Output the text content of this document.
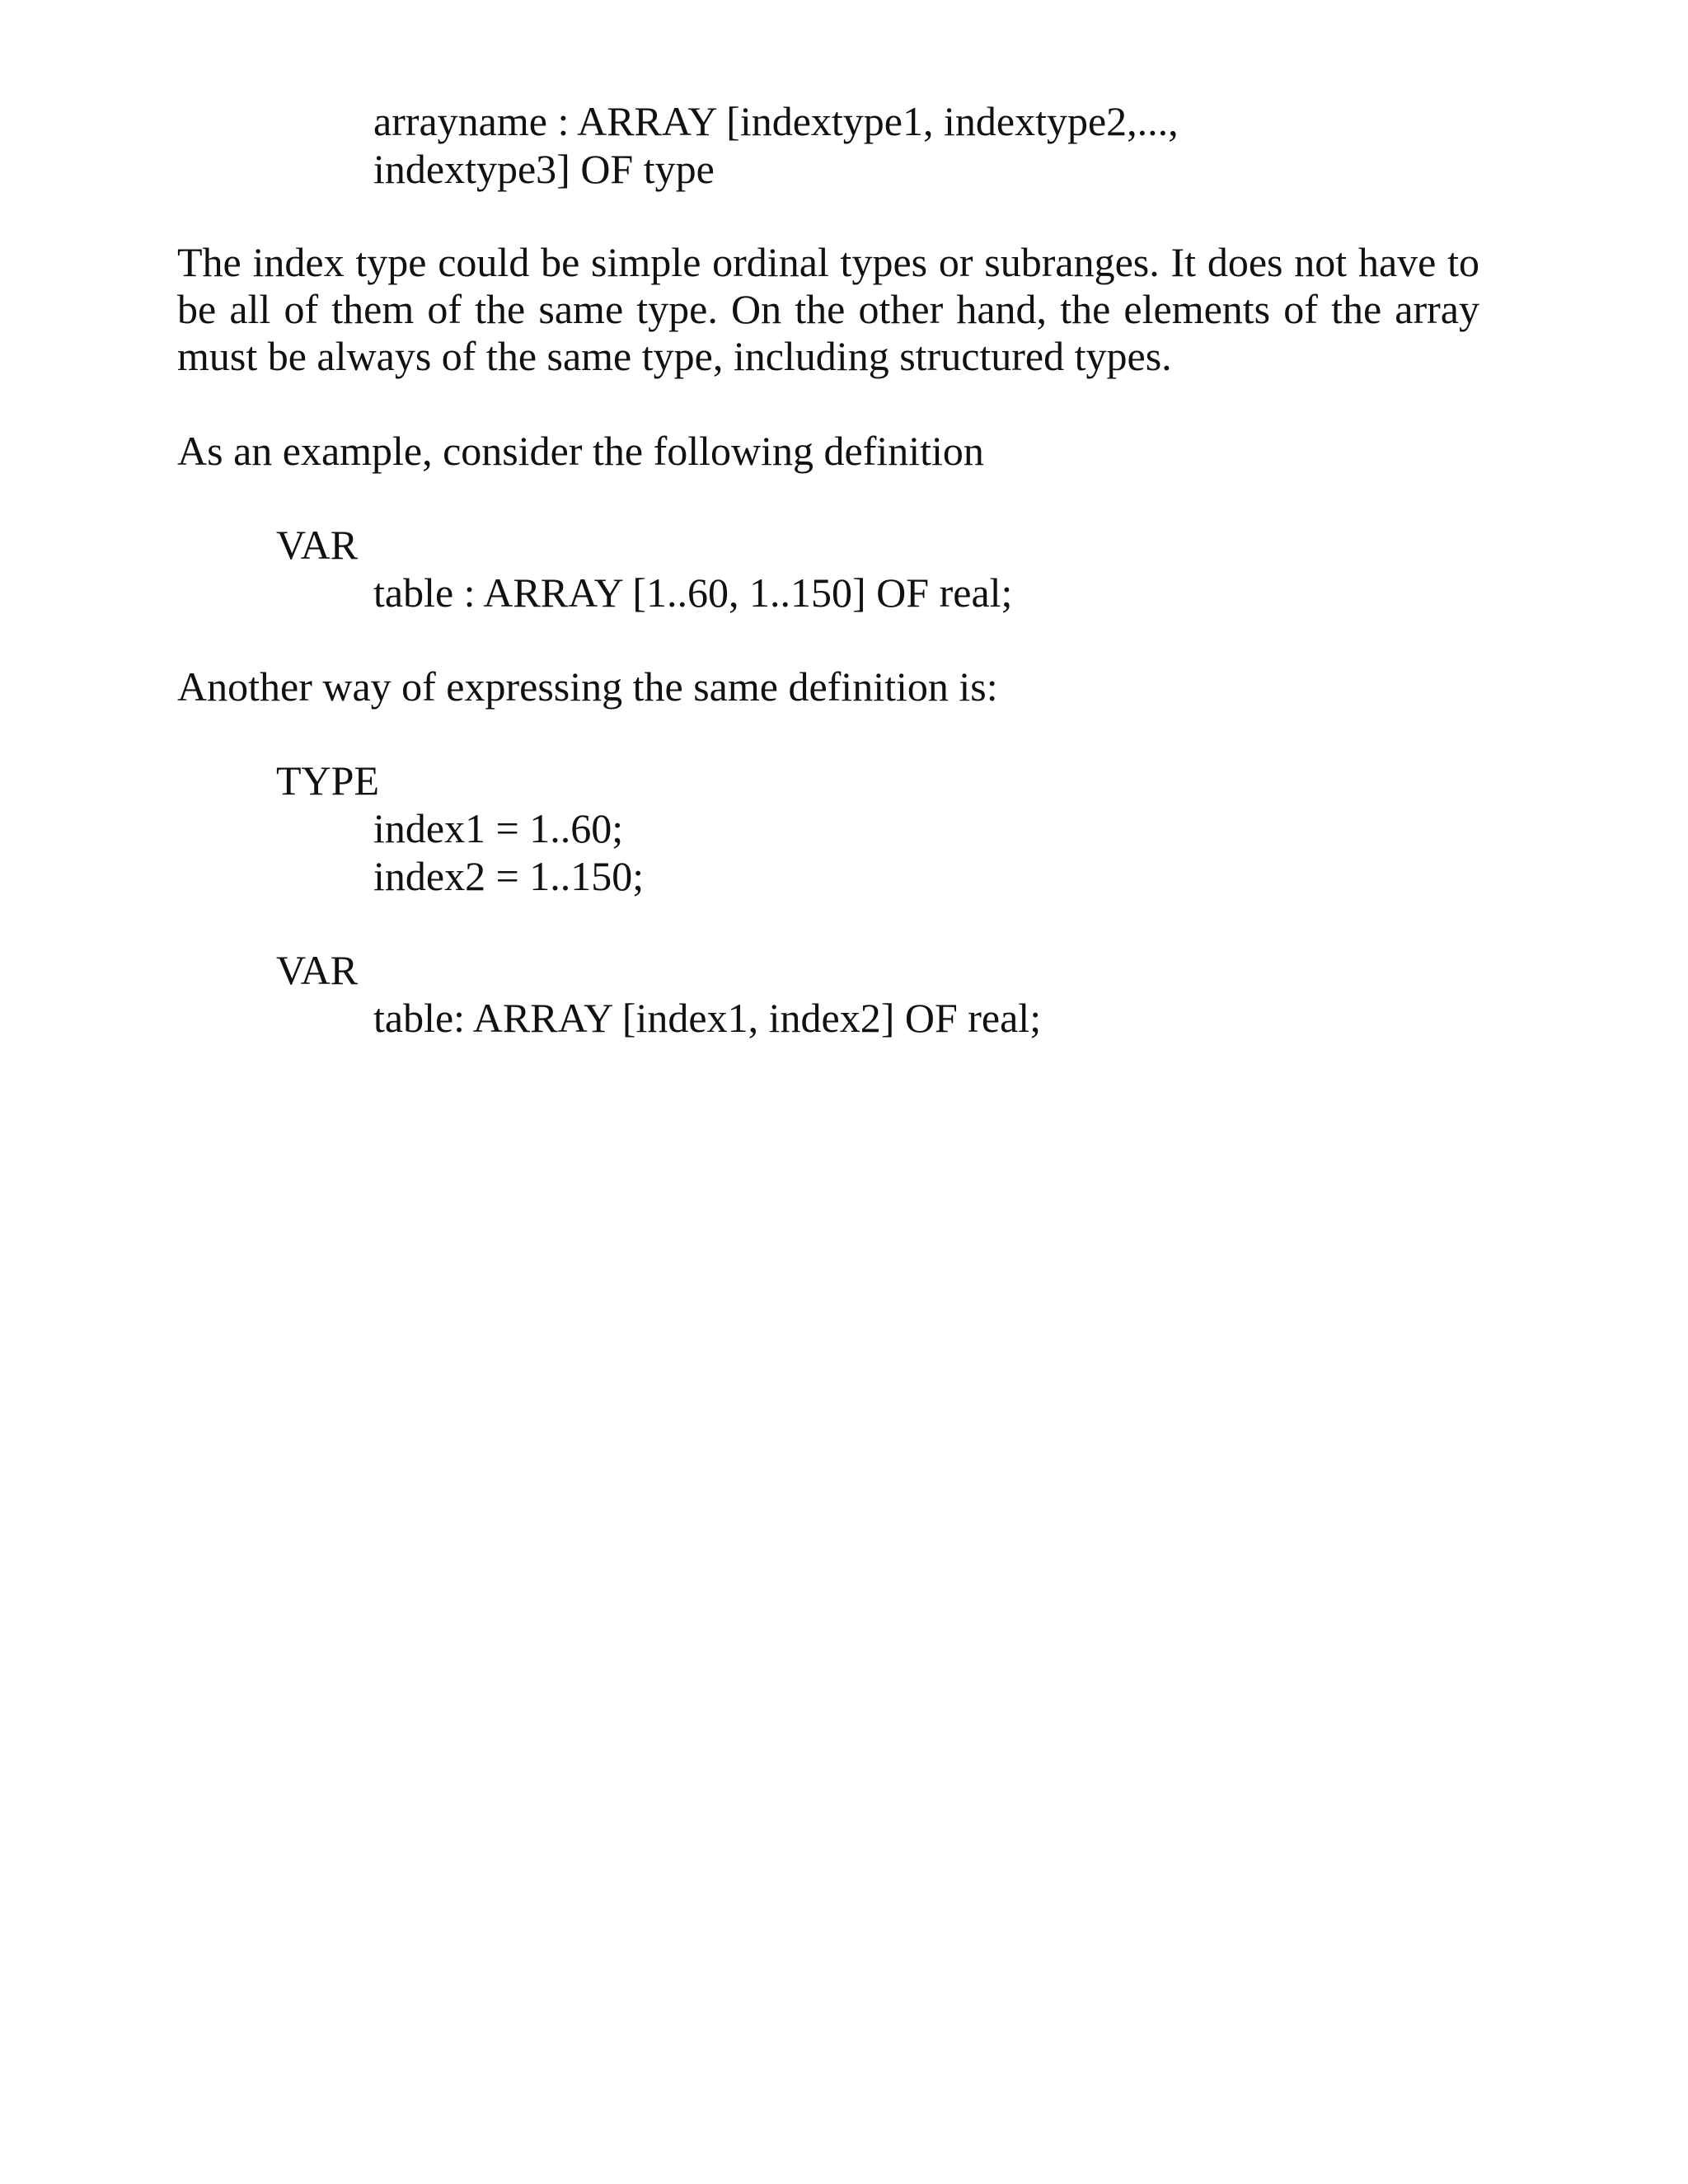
arrayname : ARRAY [indextype1, indextype2,...,
indextype3] OF type
The index type could be simple ordinal types or subranges. It does not have to
be all of them of the same type. On the other hand, the elements of the array
must be always of the same type, including structured types.
As an example, consider the following definition
VAR
table : ARRAY [1..60, 1..150] OF real;
Another way of expressing the same definition is:
TYPE
index1 = 1..60;
index2 = 1..150;
VAR
table: ARRAY [index1, index2] OF real;
